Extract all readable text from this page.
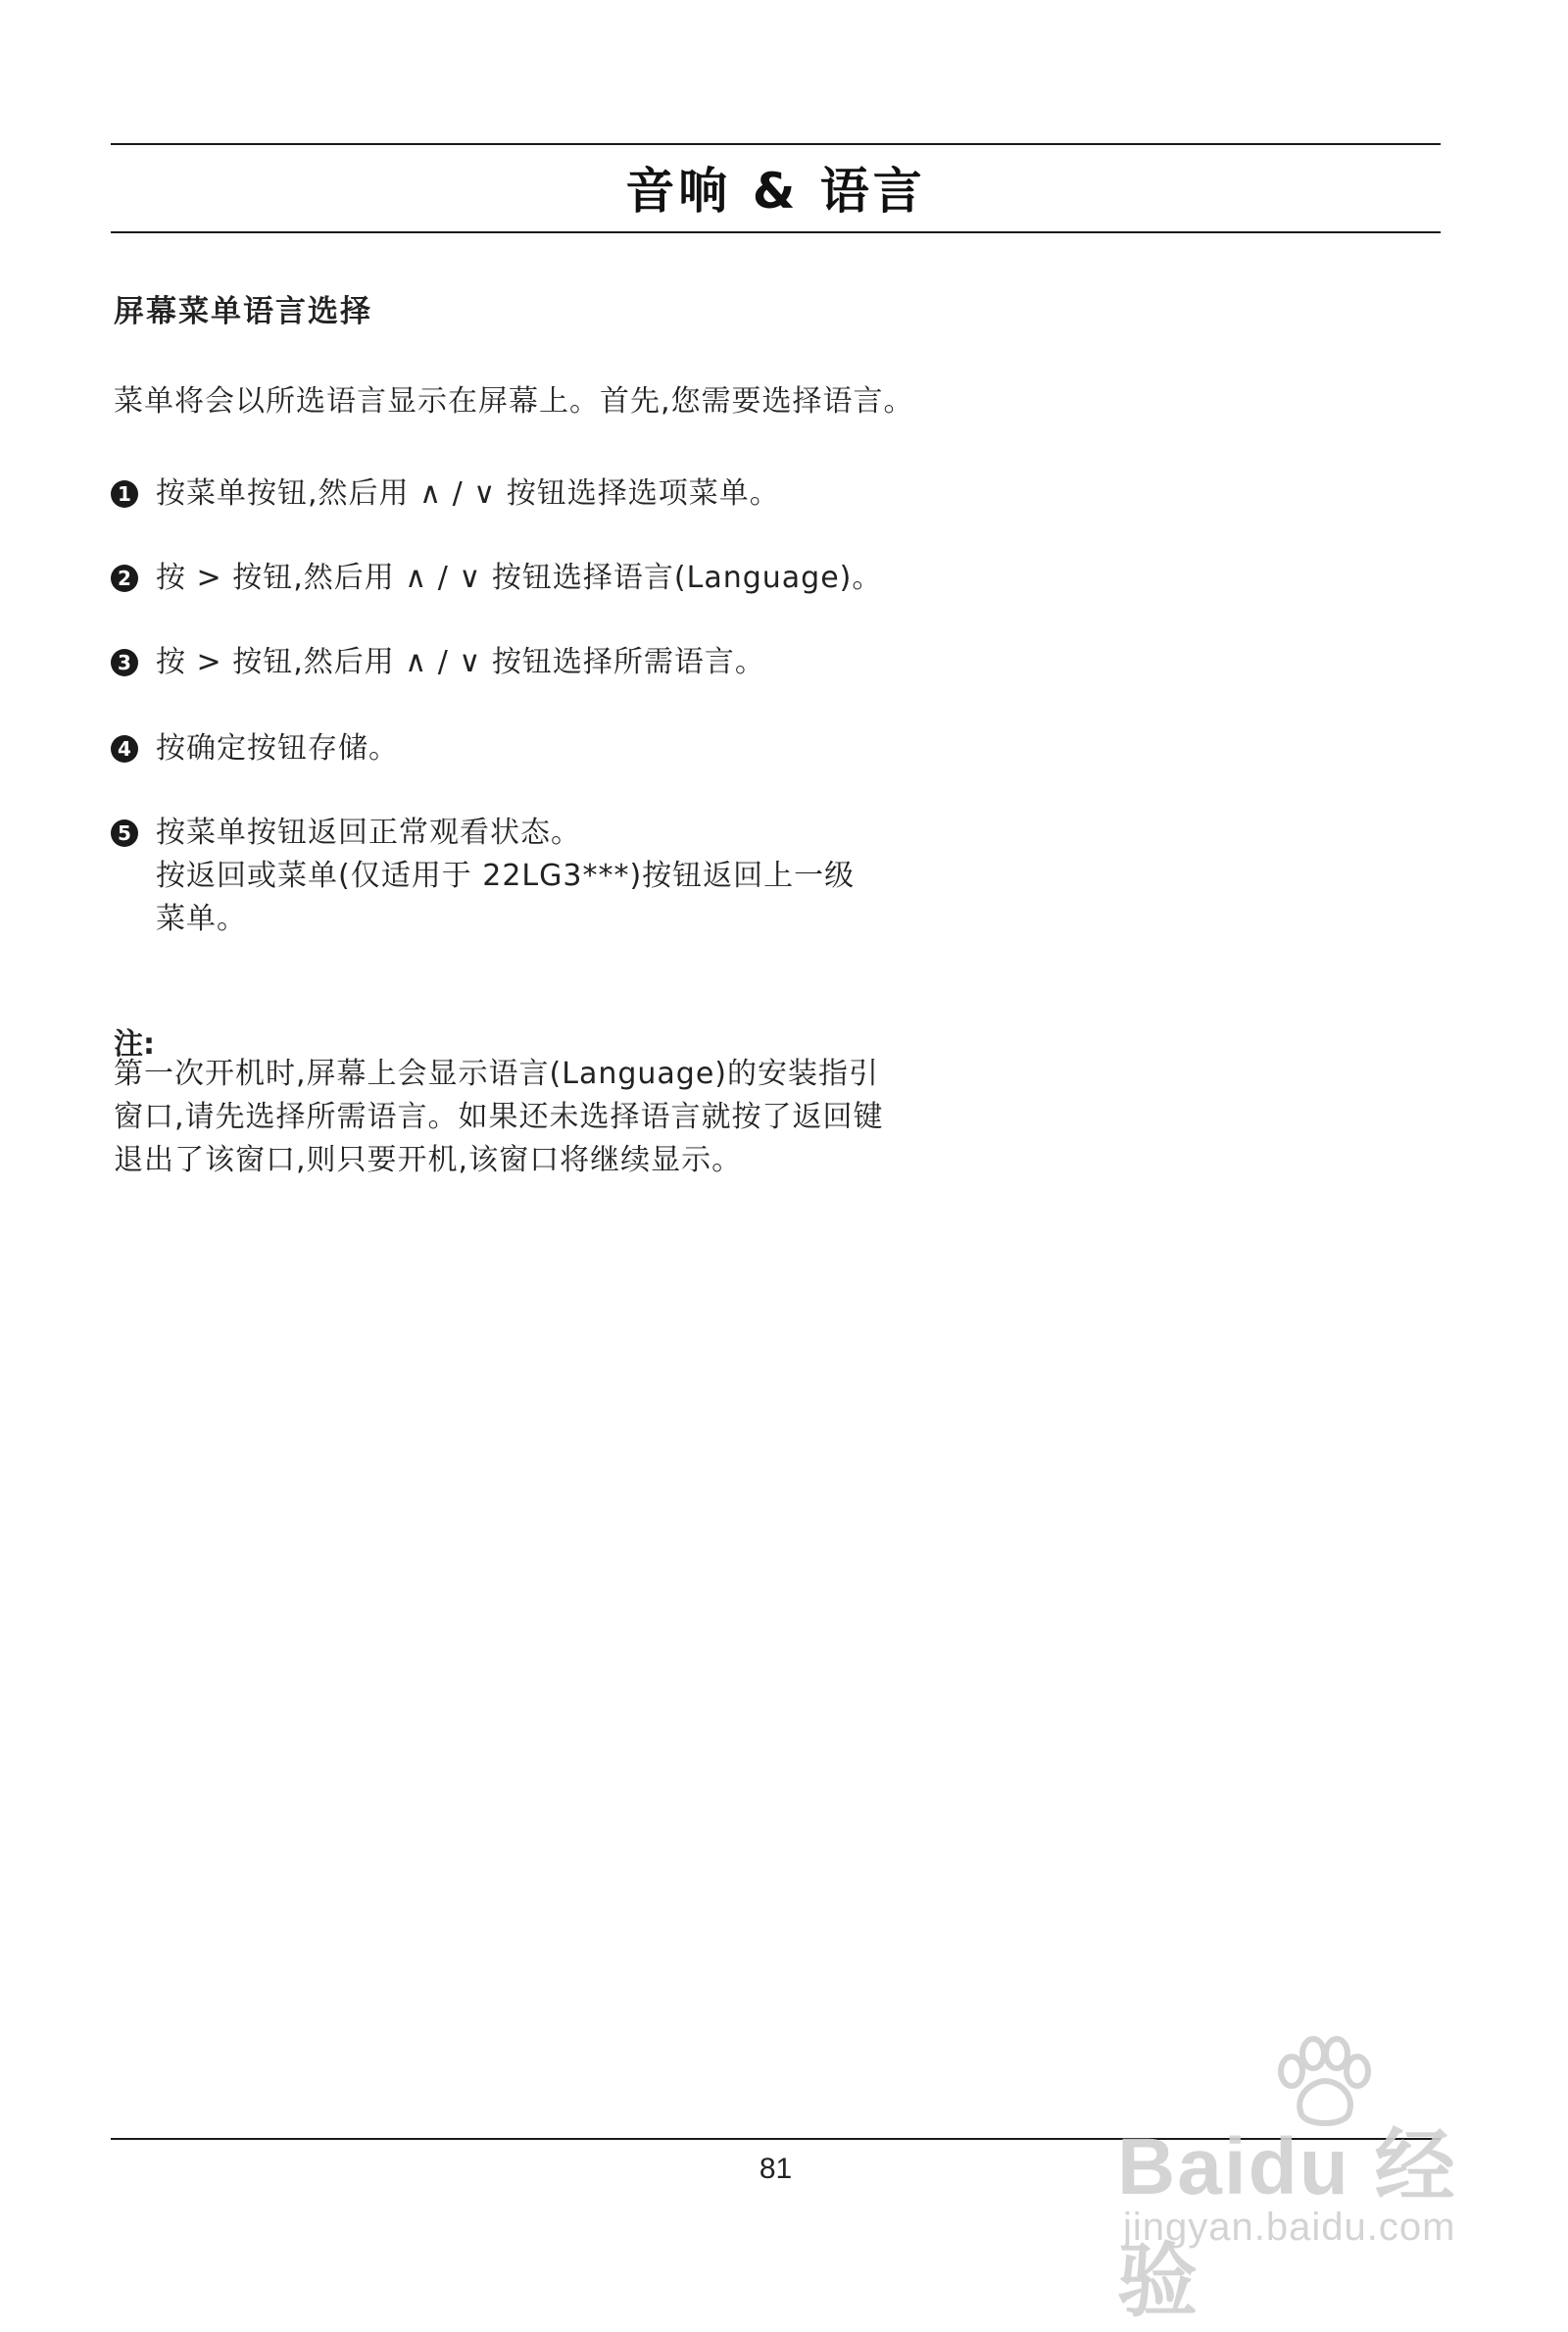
音响 & 语言
屏幕菜单语言选择
菜单将会以所选语言显示在屏幕上。首先,您需要选择语言。
1 按菜单按钮,然后用 ∧ / ∨ 按钮选择选项菜单。
2 按 > 按钮,然后用 ∧ / ∨ 按钮选择语言(Language)。
3 按 > 按钮,然后用 ∧ / ∨ 按钮选择所需语言。
4 按确定按钮存储。
5 按菜单按钮返回正常观看状态。
按返回或菜单(仅适用于 22LG3***)按钮返回上一级
菜单。
注:
第一次开机时,屏幕上会显示语言(Language)的安装指引
窗口,请先选择所需语言。如果还未选择语言就按了返回键
退出了该窗口,则只要开机,该窗口将继续显示。
81	Baidu 经验
jingyan.baidu.com
